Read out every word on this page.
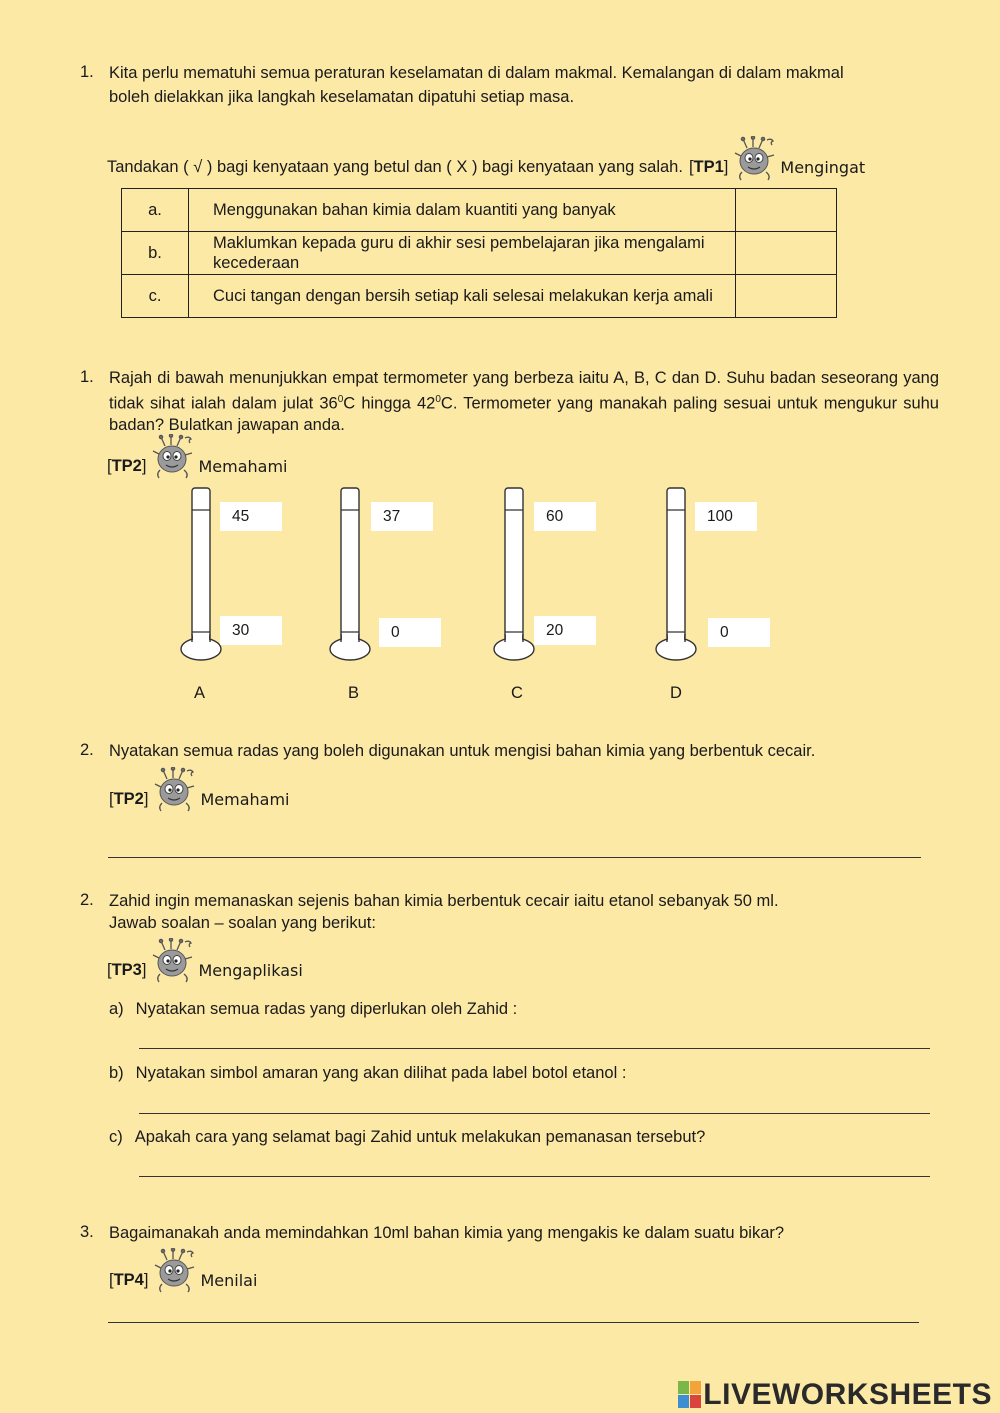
1. Kita perlu mematuhi semua peraturan keselamatan di dalam makmal. Kemalangan di dalam makmal
boleh dielakkan jika langkah keselamatan dipatuhi setiap masa.
Tandakan ( √ ) bagi kenyataan yang betul dan ( X ) bagi kenyataan yang salah. [TP1]	Mengingat
a.	Menggunakan bahan kimia dalam kuantiti yang banyak	
b.	Maklumkan kepada guru di akhir sesi pembelajaran jika mengalami kecederaan	
c.	Cuci tangan dengan bersih setiap kali selesai melakukan kerja amali	
1. Rajah di bawah menunjukkan empat termometer yang berbeza iaitu A, B, C dan D. Suhu badan seseorang yang tidak sihat ialah dalam julat $36^0C$ hingga $42^0C$. Termometer yang manakah paling sesuai untuk mengukur suhu badan? Bulatkan jawapan anda.
[TP2]	Memahami
45
30
A
37
0
B
60
20
C
100
0
D
2. Nyatakan semua radas yang boleh digunakan untuk mengisi bahan kimia yang berbentuk cecair.
[TP2]	Memahami
2. Zahid ingin memanaskan sejenis bahan kimia berbentuk cecair iaitu etanol sebanyak 50 ml.
Jawab soalan – soalan yang berikut:
[TP3]	Mengaplikasi
a) Nyatakan semua radas yang diperlukan oleh Zahid :
b) Nyatakan simbol amaran yang akan dilihat pada label botol etanol :
c) Apakah cara yang selamat bagi Zahid untuk melakukan pemanasan tersebut?
3. Bagaimanakah anda memindahkan 10ml bahan kimia yang mengakis ke dalam suatu bikar?
[TP4]	Menilai
LIVEWORKSHEETS
